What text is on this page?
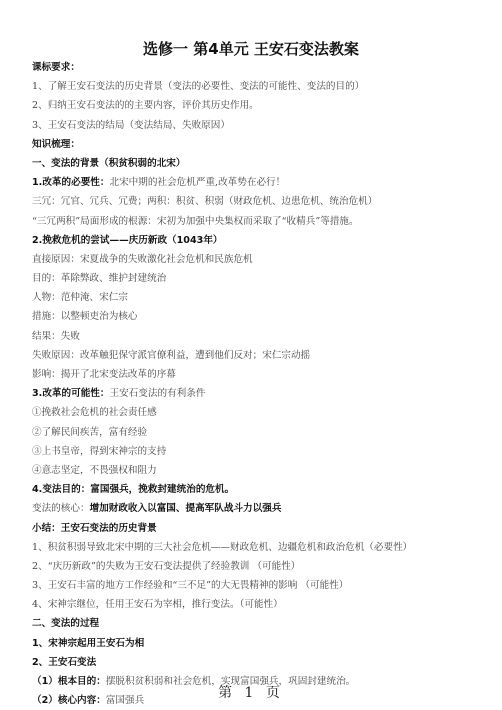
选修一 第4单元 王安石变法教案
课标要求：
1、了解王安石变法的历史背景（变法的必要性、变法的可能性、变法的目的）
2、归纳王安石变法的的主要内容，评价其历史作用。
3、王安石变法的结局（变法结局、失败原因）
知识梳理：
一、变法的背景（积贫积弱的北宋）
1.改革的必要性：北宋中期的社会危机严重,改革势在必行！
三冗：冗官、冗兵、冗费；两积：积贫、积弱（财政危机、边患危机、统治危机）
“三冗两积”局面形成的根源：宋初为加强中央集权而采取了“收精兵”等措施。
2.挽救危机的尝试——庆历新政（1043年）
直接原因：宋夏战争的失败激化社会危机和民族危机
目的：革除弊政、维护封建统治
人物：范仲淹、宋仁宗
措施：以整顿吏治为核心
结果：失败
失败原因：改革触犯保守派官僚利益，遭到他们反对；宋仁宗动摇
影响：揭开了北宋变法改革的序幕
3.改革的可能性：王安石变法的有利条件
①挽救社会危机的社会责任感
②了解民间疾苦，富有经验
③上书皇帝，得到宋神宗的支持
④意志坚定，不畏强权和阻力
4.变法目的：富国强兵，挽救封建统治的危机。
变法的核心：增加财政收入以富国、提高军队战斗力以强兵
小结：王安石变法的历史背景
1、积贫积弱导致北宋中期的三大社会危机——财政危机、边疆危机和政治危机（必要性）
2、“庆历新政”的失败为王安石变法提供了经验教训 （可能性）
3、王安石丰富的地方工作经验和“三不足”的大无畏精神的影响 （可能性）
4、宋神宗继位，任用王安石为宰相，推行变法。（可能性）
二、变法的过程
1、宋神宗起用王安石为相
2、王安石变法
（1）根本目的：摆脱积贫积弱和社会危机，实现富国强兵，巩固封建统治。
（2）核心内容：富国强兵	第 1 页
